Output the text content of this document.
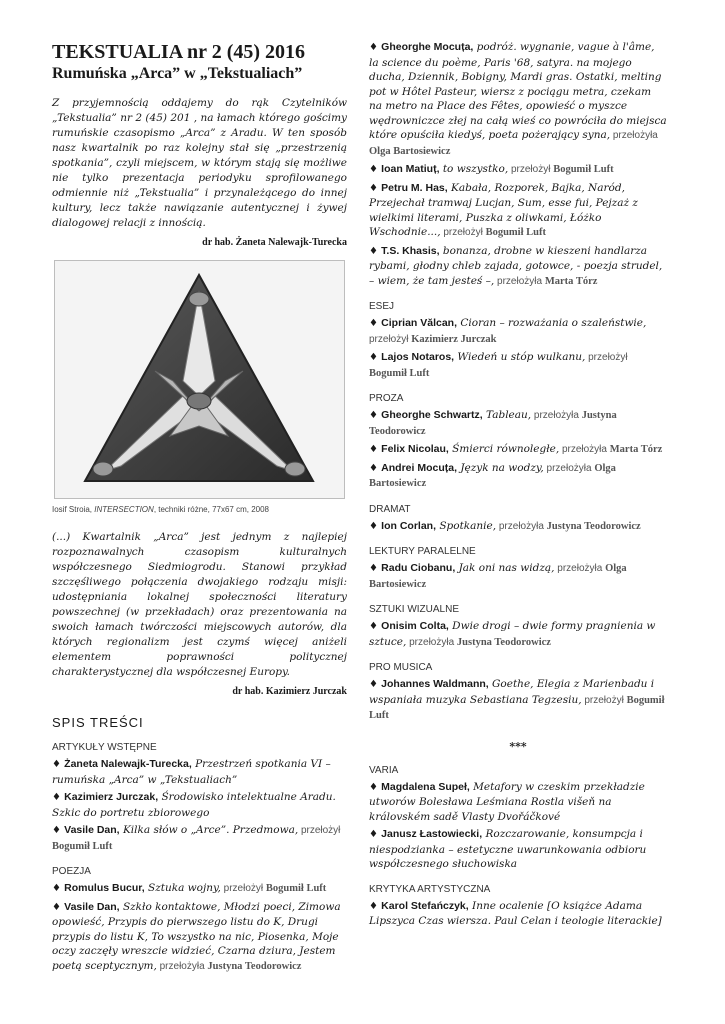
TEKSTUALIA nr 2 (45) 2016
Rumuńska „Arca” w „Tekstualiach”

Z przyjemnością oddajemy do rąk Czytelników „Tekstualia” nr 2 (45) 201 , na łamach którego gościmy rumuńskie czasopismo „Arca” z Aradu. W ten sposób nasz kwartalnik po raz kolejny stał się „przestrzenią spotkania”, czyli miejscem, w którym stają się możliwe nie tylko prezentacja periodyku sprofilowanego odmiennie niż „Tekstualia” i przynależącego do innej kultury, lecz także nawiązanie autentycznej i żywej dialogowej relacji z innością.

dr hab. Żaneta Nalewajk-Turecka

Iosif Stroia, INTERSECTION, techniki różne, 77x67 cm, 2008

(...) Kwartalnik „Arca” jest jednym z najlepiej rozpoznawalnych czasopism kulturalnych współczesnego Siedmiogrodu. Stanowi przykład szczęśliwego połączenia dwojakiego rodzaju misji: udostępniania lokalnej społeczności literatury powszechnej (w przekładach) oraz prezentowania na swoich łamach twórczości miejscowych autorów, dla których regionalizm jest czymś więcej aniżeli elementem poprawności politycznej charakterystycznej dla współczesnej Europy.

dr hab. Kazimierz Jurczak

SPIS TREŚCI
ARTYKUŁY WSTĘPNE

♦ Żaneta Nalewajk-Turecka, Przestrzeń spotkania VI – rumuńska „Arca” w „Tekstualiach”

♦ Kazimierz Jurczak, Środowisko intelektualne Aradu. Szkic do portretu zbiorowego

♦ Vasile Dan, Kilka słów o „Arce”. Przedmowa, przełożył Bogumił Luft

POEZJA

♦ Romulus Bucur, Sztuka wojny, przełożył Bogumił Luft

♦ Vasile Dan, Szkło kontaktowe, Młodzi poeci, Zimowa opowieść, Przypis do pierwszego listu do K, Drugi przypis do listu K, To wszystko na nic, Piosenka, Moje oczy zaczęły wreszcie widzieć, Czarna dziura, Jestem poetą sceptycznym, przełożyła Justyna Teodorowicz

♦ Gheorghe Mocuța, podróż. wygnanie, vague à l'âme, la science du poème, Paris '68, satyra. na mojego ducha, Dziennik, Bobigny, Mardi gras. Ostatki, melting pot w Hôtel Pasteur, wiersz z pociągu metra, czekam na metro na Place des Fêtes, opowieść o myszce wędrowniczce złej na całą wieś co powróciła do miejsca które opuściła kiedyś, poeta pożerający syna, przełożyła Olga Bartosiewicz

♦ Ioan Matiuț, to wszystko, przełożył Bogumił Luft

♦ Petru M. Has, Kabała, Rozporek, Bajka, Naród, Przejechał tramwaj Lucjan, Sum, esse fui, Pejzaż z wielkimi literami, Puszka z oliwkami, Łóżko Wschodnie..., przełożył Bogumił Luft

♦ T.S. Khasis, bonanza, drobne w kieszeni handlarza rybami, głodny chleb zajada, gotowce, - poezja strudel, – wiem, że tam jesteś –, przełożyła Marta Tórz

ESEJ

♦ Ciprian Vălcan, Cioran – rozważania o szaleństwie, przełożył Kazimierz Jurczak

♦ Lajos Notaros, Wiedeń u stóp wulkanu, przełożył Bogumił Luft

PROZA

♦ Gheorghe Schwartz, Tableau, przełożyła Justyna Teodorowicz

♦ Felix Nicolau, Śmierci równoległe, przełożyła Marta Tórz

♦ Andrei Mocuța, Język na wodzy, przełożyła Olga Bartosiewicz

DRAMAT

♦ Ion Corlan, Spotkanie, przełożyła Justyna Teodorowicz

LEKTURY PARALELNE

♦ Radu Ciobanu, Jak oni nas widzą, przełożyła Olga Bartosiewicz

SZTUKI WIZUALNE

♦ Onisim Colta, Dwie drogi – dwie formy pragnienia w sztuce, przełożyła Justyna Teodorowicz

PRO MUSICA

♦ Johannes Waldmann, Goethe, Elegia z Marienbadu i wspaniała muzyka Sebastiana Tegzesiu, przełożył Bogumił Luft

***
VARIA

♦ Magdalena Supeł, Metafory w czeskim przekładzie utworów Bolesława Leśmiana Rostla višeň na královském sadě Vlasty Dvořáčkové

♦ Janusz Łastowiecki, Rozczarowanie, konsumpcja i niespodzianka – estetyczne uwarunkowania odbioru współczesnego słuchowiska

KRYTYKA ARTYSTYCZNA

♦ Karol Stefańczyk, Inne ocalenie [O książce Adama Lipszyca Czas wiersza. Paul Celan i teologie literackie]
